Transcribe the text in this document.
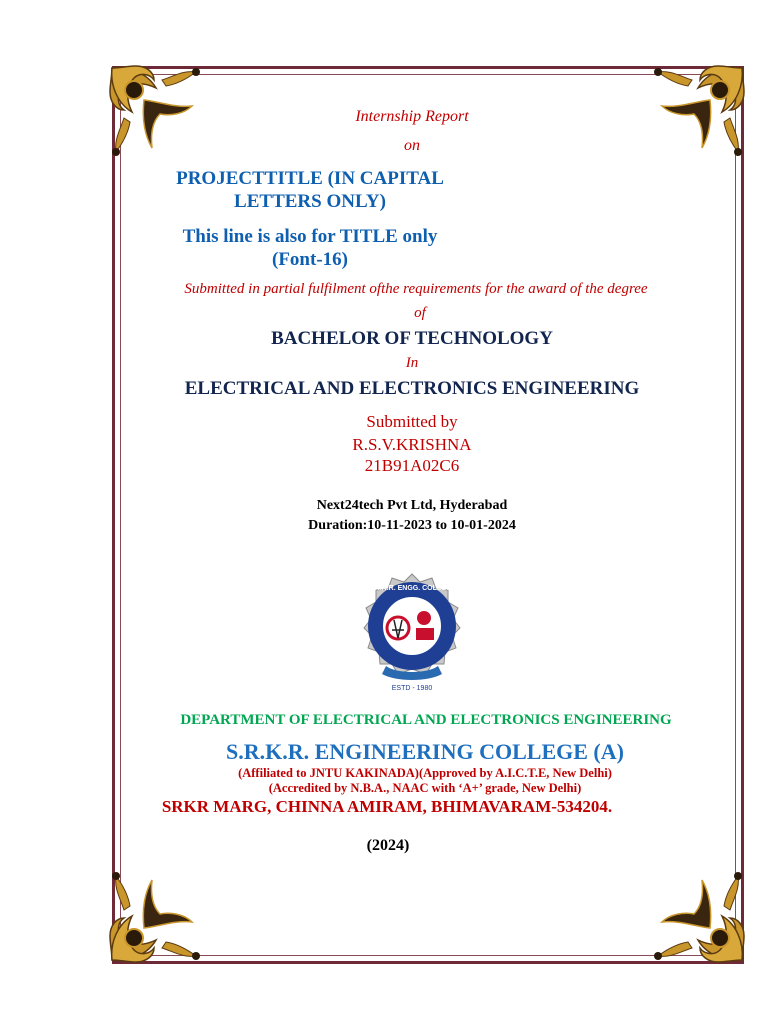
Internship Report
on
PROJECTTITLE (IN CAPITAL
LETTERS ONLY)
This line is also for TITLE only
(Font-16)
Submitted in partial fulfilment ofthe requirements for the award of the degree
of
BACHELOR OF TECHNOLOGY
In
ELECTRICAL AND ELECTRONICS ENGINEERING
Submitted by
R.S.V.KRISHNA
21B91A02C6
Next24tech Pvt Ltd, Hyderabad
Duration:10-11-2023 to 10-01-2024
ESTD - 1980
S.R.K.R. ENGG. COLLEGE
DEPARTMENT OF ELECTRICAL AND ELECTRONICS ENGINEERING
S.R.K.R. ENGINEERING COLLEGE (A)
(Affiliated to JNTU KAKINADA)(Approved by A.I.C.T.E, New Delhi)
(Accredited by N.B.A., NAAC with ‘A+’ grade, New Delhi)
SRKR MARG, CHINNA AMIRAM, BHIMAVARAM-534204.
(2024)
